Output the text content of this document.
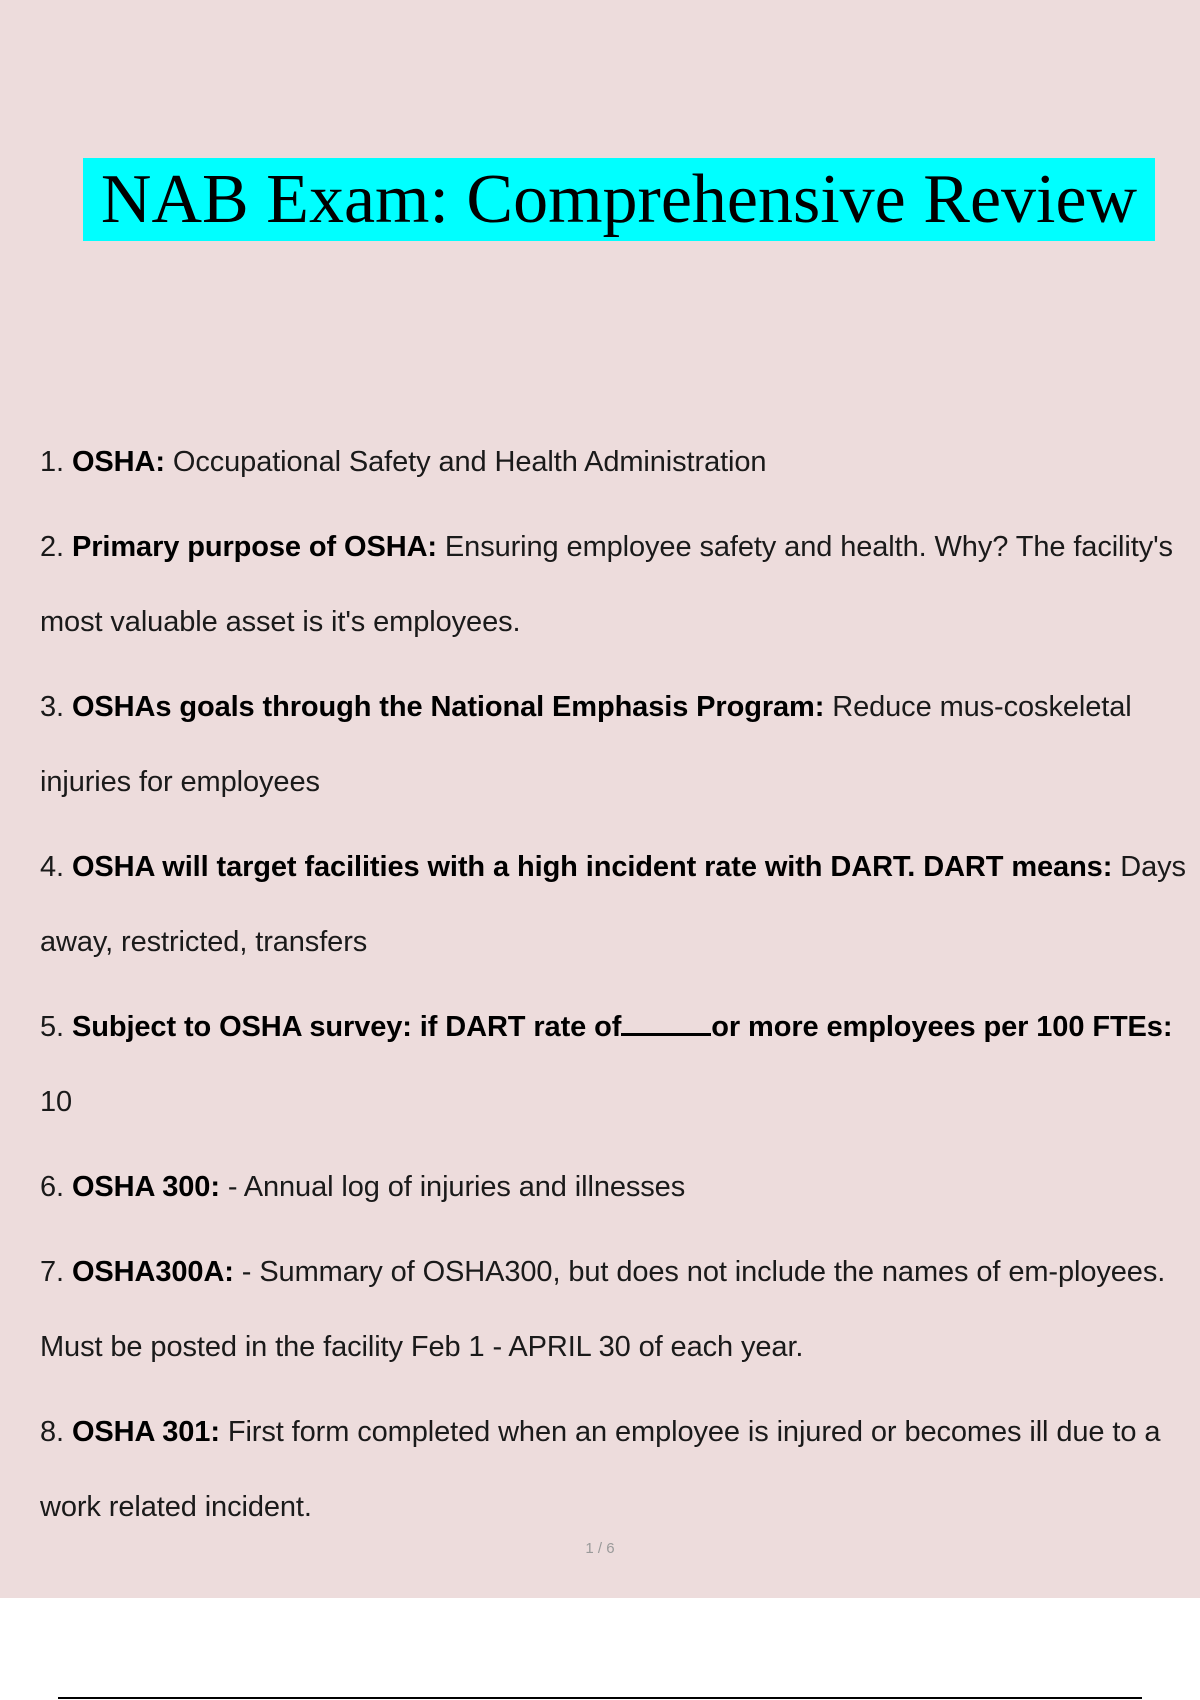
NAB Exam: Comprehensive Review
1. OSHA: Occupational Safety and Health Administration
2. Primary purpose of OSHA: Ensuring employee safety and health. Why? The facility's most valuable asset is it's employees.
3. OSHAs goals through the National Emphasis Program: Reduce mus-coskeletal injuries for employees
4. OSHA will target facilities with a high incident rate with DART. DART means: Days away, restricted, transfers
5. Subject to OSHA survey: if DART rate of	or more employees per 100 FTEs: 10
6. OSHA 300: - Annual log of injuries and illnesses
7. OSHA300A: - Summary of OSHA300, but does not include the names of em-ployees. Must be posted in the facility Feb 1 - APRIL 30 of each year.
8. OSHA 301: First form completed when an employee is injured or becomes ill due to a work related incident.
1 / 6
